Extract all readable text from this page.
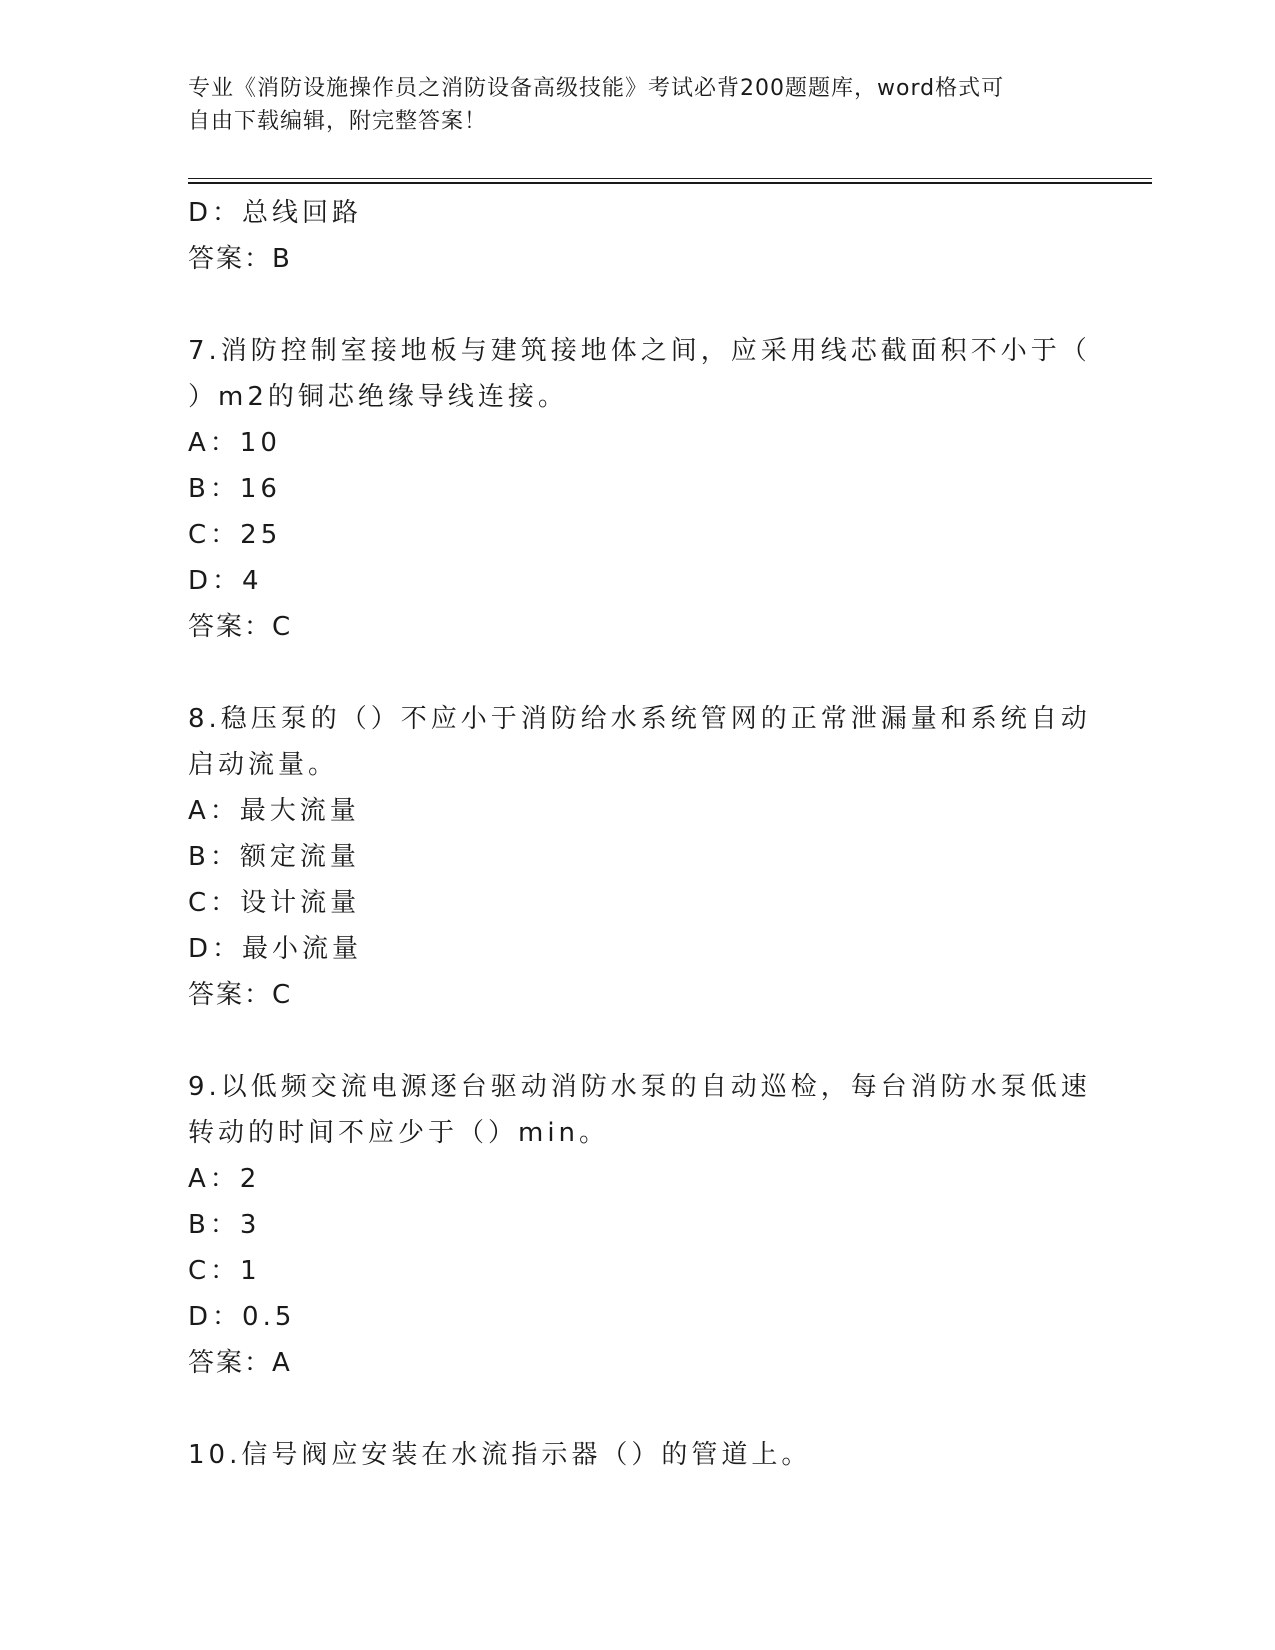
专业《消防设施操作员之消防设备高级技能》考试必背200题题库，word格式可
自由下载编辑，附完整答案！
D：总线回路
答案：B
7.消防控制室接地板与建筑接地体之间，应采用线芯截面积不小于（
）m2的铜芯绝缘导线连接。
A：10
B：16
C：25
D：4
答案：C
8.稳压泵的（）不应小于消防给水系统管网的正常泄漏量和系统自动
启动流量。
A：最大流量
B：额定流量
C：设计流量
D：最小流量
答案：C
9.以低频交流电源逐台驱动消防水泵的自动巡检，每台消防水泵低速
转动的时间不应少于（）min。
A：2
B：3
C：1
D：0.5
答案：A
10.信号阀应安装在水流指示器（）的管道上。
